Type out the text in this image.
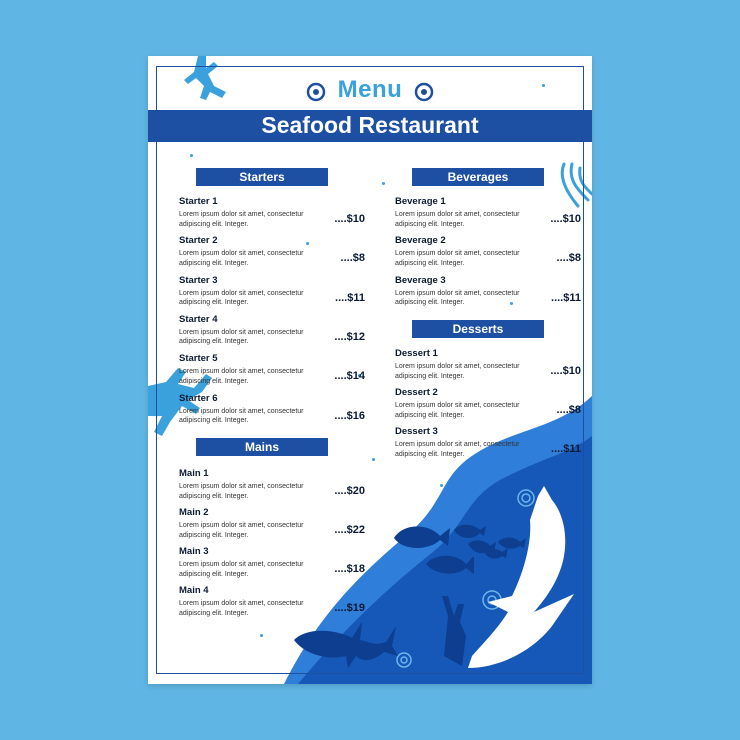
Menu
Seafood Restaurant
Starters
Starter 1
Lorem ipsum dolor sit amet, consectetur
adipiscing elit. Integer.	....$10
Starter 2
Lorem ipsum dolor sit amet, consectetur
adipiscing elit. Integer.	....$8
Starter 3
Lorem ipsum dolor sit amet, consectetur
adipiscing elit. Integer.	....$11
Starter 4
Lorem ipsum dolor sit amet, consectetur
adipiscing elit. Integer.	....$12
Starter 5
Lorem ipsum dolor sit amet, consectetur
adipiscing elit. Integer.	....$14
Starter 6
Lorem ipsum dolor sit amet, consectetur
adipiscing elit. Integer.	....$16
Mains
Main 1
Lorem ipsum dolor sit amet, consectetur
adipiscing elit. Integer.	....$20
Main 2
Lorem ipsum dolor sit amet, consectetur
adipiscing elit. Integer.	....$22
Main 3
Lorem ipsum dolor sit amet, consectetur
adipiscing elit. Integer.	....$18
Main 4
Lorem ipsum dolor sit amet, consectetur
adipiscing elit. Integer.	....$19
Beverages
Beverage 1
Lorem ipsum dolor sit amet, consectetur
adipiscing elit. Integer.	....$10
Beverage 2
Lorem ipsum dolor sit amet, consectetur
adipiscing elit. Integer.	....$8
Beverage 3
Lorem ipsum dolor sit amet, consectetur
adipiscing elit. Integer.	....$11
Desserts
Dessert 1
Lorem ipsum dolor sit amet, consectetur
adipiscing elit. Integer.	....$10
Dessert 2
Lorem ipsum dolor sit amet, consectetur
adipiscing elit. Integer.	....$8
Dessert 3
Lorem ipsum dolor sit amet, consectetur
adipiscing elit. Integer.	....$11
